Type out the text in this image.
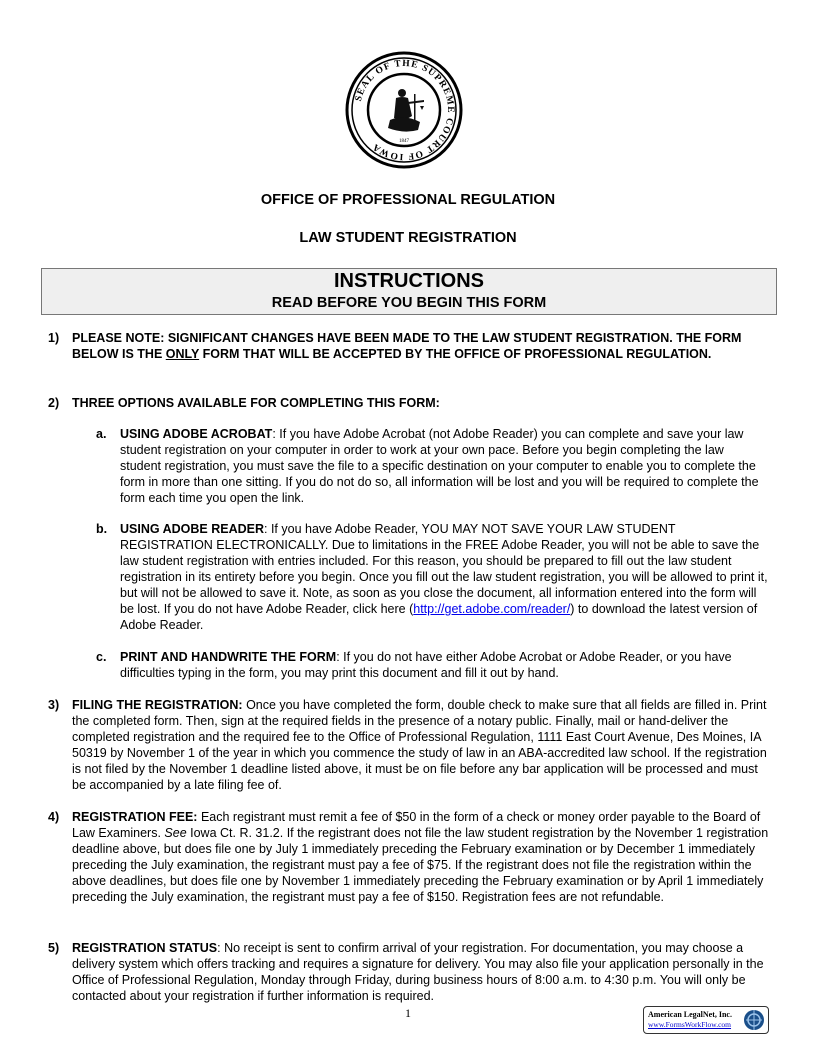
SEAL OF THE SUPREME COURT OF IOWA	1847
OFFICE OF PROFESSIONAL REGULATION
LAW STUDENT REGISTRATION
INSTRUCTIONS
READ BEFORE YOU BEGIN THIS FORM
1) PLEASE NOTE: SIGNIFICANT CHANGES HAVE BEEN MADE TO THE LAW STUDENT REGISTRATION. THE FORM BELOW IS THE ONLY FORM THAT WILL BE ACCEPTED BY THE OFFICE OF PROFESSIONAL REGULATION.
2) THREE OPTIONS AVAILABLE FOR COMPLETING THIS FORM:
a. USING ADOBE ACROBAT: If you have Adobe Acrobat (not Adobe Reader) you can complete and save your law student registration on your computer in order to work at your own pace. Before you begin completing the law student registration, you must save the file to a specific destination on your computer to enable you to complete the form in more than one sitting. If you do not do so, all information will be lost and you will be required to complete the form each time you open the link.
b. USING ADOBE READER: If you have Adobe Reader, YOU MAY NOT SAVE YOUR LAW STUDENT REGISTRATION ELECTRONICALLY. Due to limitations in the FREE Adobe Reader, you will not be able to save the law student registration with entries included. For this reason, you should be prepared to fill out the law student registration in its entirety before you begin. Once you fill out the law student registration, you will be allowed to print it, but will not be allowed to save it. Note, as soon as you close the document, all information entered into the form will be lost. If you do not have Adobe Reader, click here (http://get.adobe.com/reader/) to download the latest version of Adobe Reader.
c. PRINT AND HANDWRITE THE FORM: If you do not have either Adobe Acrobat or Adobe Reader, or you have difficulties typing in the form, you may print this document and fill it out by hand.
3) FILING THE REGISTRATION: Once you have completed the form, double check to make sure that all fields are filled in. Print the completed form. Then, sign at the required fields in the presence of a notary public. Finally, mail or hand-deliver the completed registration and the required fee to the Office of Professional Regulation, 1111 East Court Avenue, Des Moines, IA 50319 by November 1 of the year in which you commence the study of law in an ABA-accredited law school. If the registration is not filed by the November 1 deadline listed above, it must be on file before any bar application will be processed and must be accompanied by a late filing fee of.
4) REGISTRATION FEE: Each registrant must remit a fee of $50 in the form of a check or money order payable to the Board of Law Examiners. See Iowa Ct. R. 31.2. If the registrant does not file the law student registration by the November 1 registration deadline above, but does file one by July 1 immediately preceding the February examination or by December 1 immediately preceding the July examination, the registrant must pay a fee of $75. If the registrant does not file the registration within the above deadlines, but does file one by November 1 immediately preceding the February examination or by April 1 immediately preceding the July examination, the registrant must pay a fee of $150. Registration fees are not refundable.
5) REGISTRATION STATUS: No receipt is sent to confirm arrival of your registration. For documentation, you may choose a delivery system which offers tracking and requires a signature for delivery. You may also file your application personally in the Office of Professional Regulation, Monday through Friday, during business hours of 8:00 a.m. to 4:30 p.m. You will only be contacted about your registration if further information is required.
1	American LegalNet, Inc.
www.FormsWorkFlow.com
